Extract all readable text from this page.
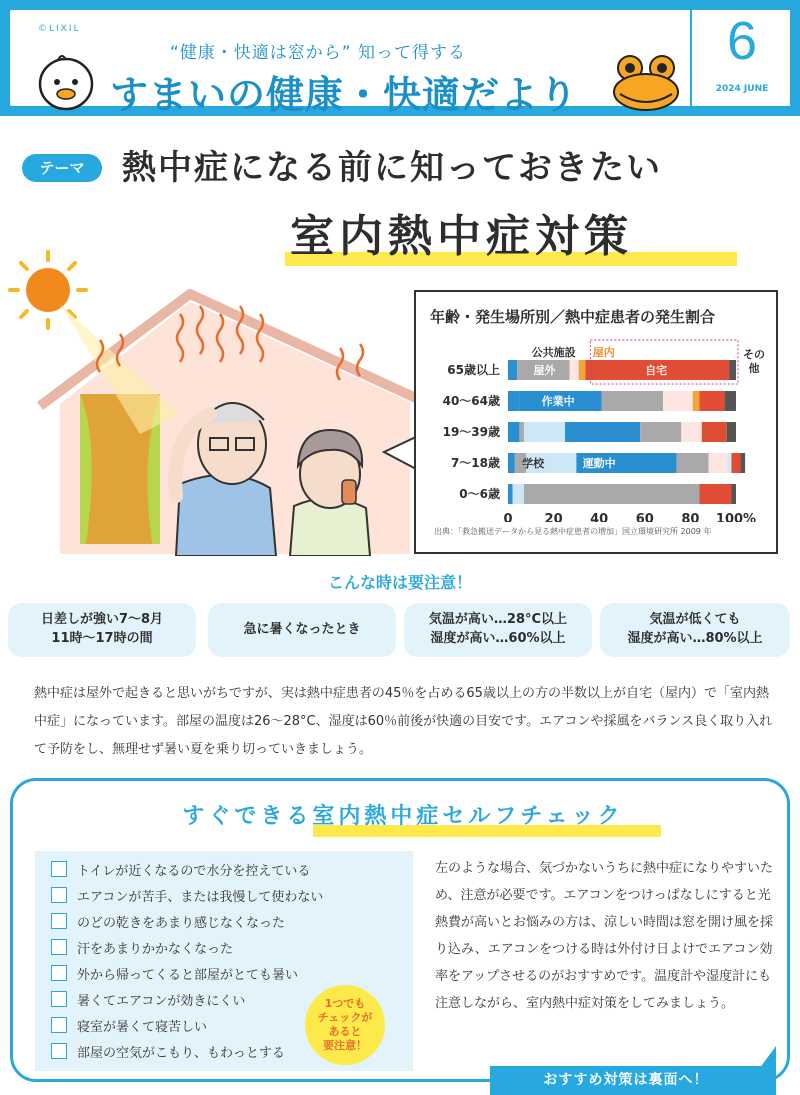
©LIXIL
“健康・快適は窓から” 知って得する
すまいの健康・快適だより
6
2024 JUNE
テーマ	熱中症になる前に知っておきたい
室内熱中症対策
年齢・発生場所別／熱中症患者の発生割合
65歳以上
40〜64歳
19〜39歳
7〜18歳
0〜6歳
公共施設 屋内
屋外	自宅
作業中
学校	運動中
その
他
0 20 40 60 80 100%
出典：「救急搬送データから見る熱中症患者の増加」国立環境研究所 2009 年
こんな時は要注意！
日差しが強い7〜8月
11時〜17時の間
急に暑くなったとき
気温が高い…28°C以上
湿度が高い…60%以上
気温が低くても
湿度が高い…80%以上
熱中症は屋外で起きると思いがちですが、実は熱中症患者の45％を占める65歳以上の方の半数以上が自宅（屋内）で「室内熱中症」になっています。部屋の温度は26〜28°C、湿度は60％前後が快適の目安です。エアコンや採風をバランス良く取り入れて予防をし、無理せず暑い夏を乗り切っていきましょう。
すぐできる室内熱中症セルフチェック
トイレが近くなるので水分を控えている
エアコンが苦手、または我慢して使わない
のどの乾きをあまり感じなくなった
汗をあまりかかなくなった
外から帰ってくると部屋がとても暑い
暑くてエアコンが効きにくい
寝室が暑くて寝苦しい
部屋の空気がこもり、もわっとする
1つでも
チェックが
あると
要注意！
左のような場合、気づかないうちに熱中症になりやすいため、注意が必要です。エアコンをつけっぱなしにすると光熱費が高いとお悩みの方は、涼しい時間は窓を開け風を採り込み、エアコンをつける時は外付け日よけでエアコン効率をアップさせるのがおすすめです。温度計や湿度計にも注意しながら、室内熱中症対策をしてみましょう。
おすすめ対策は裏面へ！
